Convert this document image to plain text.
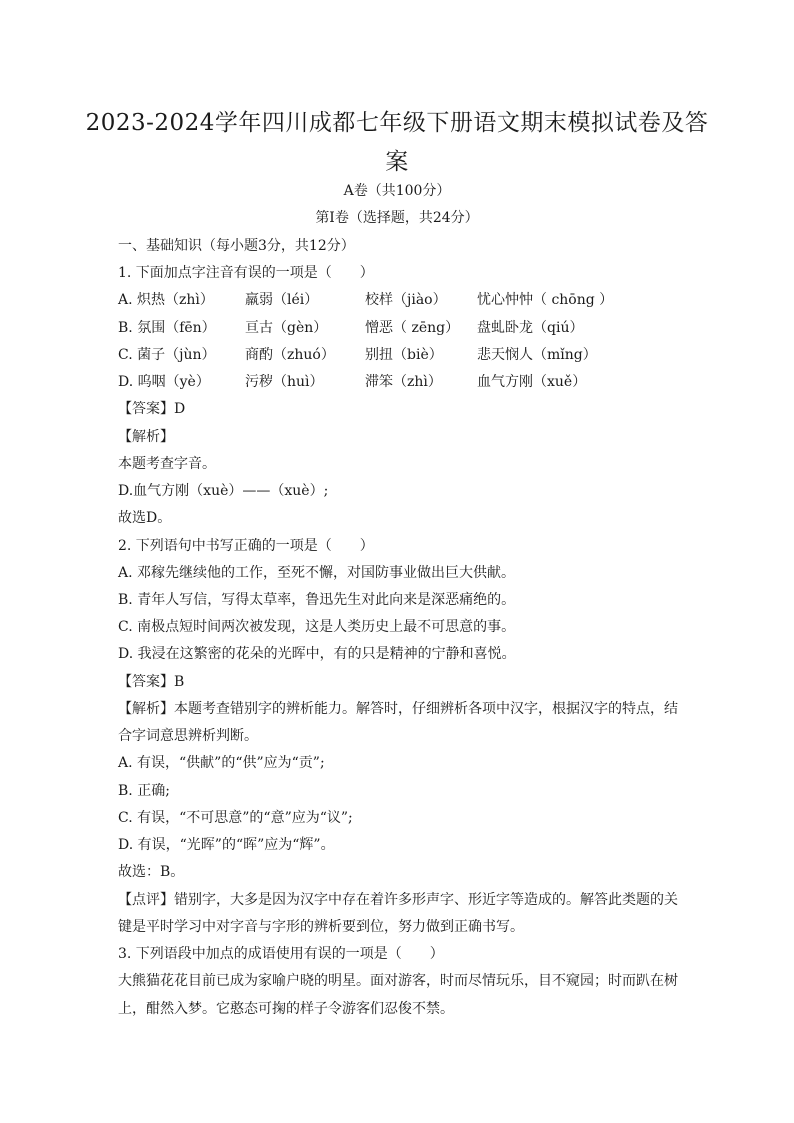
2023-2024学年四川成都七年级下册语文期末模拟试卷及答
案
A卷（共100分）
第Ⅰ卷（选择题，共24分）
一、基础知识（每小题3分，共12分）
1. 下面加点字注音有误的一项是（　　）
A. 炽热（zhì） 羸弱（léi）	校样（jiào） 忧心忡忡（ chōng ）
B. 氛围（fēn） 亘古（gèn）	憎恶（ zēng） 盘虬卧龙（qiú）
C. 菌子（jùn） 商酌（zhuó） 别扭（biè） 悲天悯人（mǐng）
D. 呜咽（yè）	污秽（huì）	滞笨（zhì）	血气方刚（xuě）
【答案】D
【解析】
本题考查字音。
D.血气方刚（xuè）——（xuè）;
故选D。
2. 下列语句中书写正确的一项是（　　）
A. 邓稼先继续他的工作，至死不懈，对国防事业做出巨大供献。
B. 青年人写信，写得太草率，鲁迅先生对此向来是深恶痛绝的。
C. 南极点短时间两次被发现，这是人类历史上最不可思意的事。
D. 我浸在这繁密的花朵的光晖中，有的只是精神的宁静和喜悦。
【答案】B
【解析】本题考查错别字的辨析能力。解答时，仔细辨析各项中汉字，根据汉字的特点，结
合字词意思辨析判断。
A. 有误，“供献”的“供”应为“贡”;
B. 正确;
C. 有误，“不可思意”的“意”应为“议”;
D. 有误，“光晖”的“晖”应为“辉”。
故选：B。
【点评】错别字，大多是因为汉字中存在着许多形声字、形近字等造成的。解答此类题的关
键是平时学习中对字音与字形的辨析要到位，努力做到正确书写。
3. 下列语段中加点的成语使用有误的一项是（　　）
大熊猫花花目前已成为家喻户晓的明星。面对游客，时而尽情玩乐，目不窥园；时而趴在树
上，酣然入梦。它憨态可掬的样子令游客们忍俊不禁。
